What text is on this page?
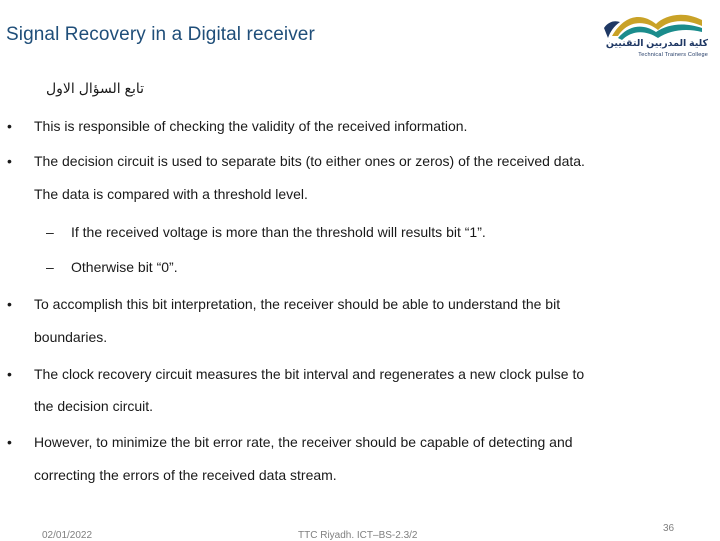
Signal Recovery in a Digital receiver	كلية المدربين التقنيين
Technical Trainers College
تابع السؤال الاول
• This is responsible of checking the validity of the received information.
• The decision circuit is used to separate bits (to either ones or zeros) of the received data.
The data is compared with a threshold level.
– If the received voltage is more than the threshold will results bit “1”.
– Otherwise bit “0”.
• To accomplish this bit interpretation, the receiver should be able to understand the bit
boundaries.
• The clock recovery circuit measures the bit interval and regenerates a new clock pulse to
the decision circuit.
• However, to minimize the bit error rate, the receiver should be capable of detecting and
correcting the errors of the received data stream.
02/01/2022	TTC Riyadh. ICT–BS-2.3/2
36
